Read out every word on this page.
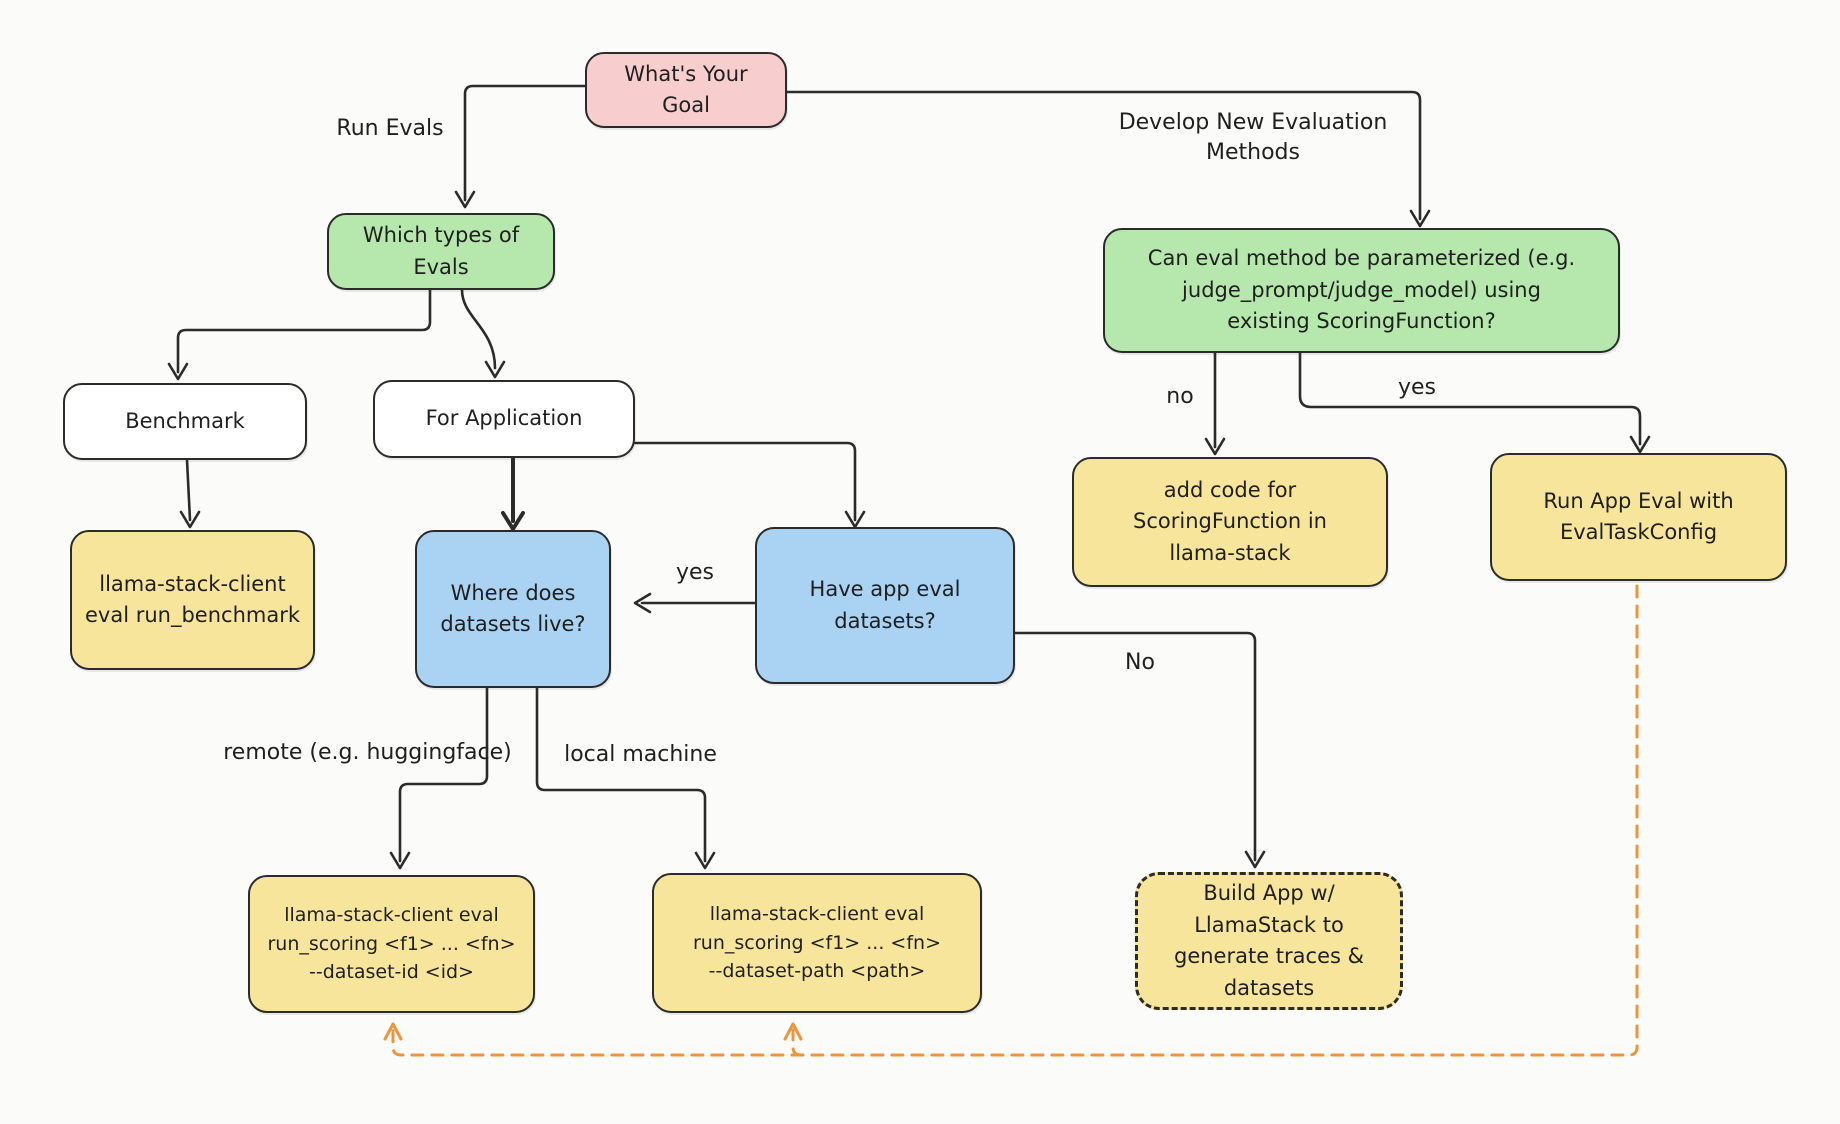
What's Your
Goal
Which types of
Evals
Benchmark	For Application
llama-stack-client
eval run_benchmark
Where does
datasets live?
Have app eval
datasets?
Can eval method be parameterized (e.g.
judge_prompt/judge_model) using
existing ScoringFunction?
add code for
ScoringFunction in
llama-stack
Run App Eval with
EvalTaskConfig
llama-stack-client eval
run_scoring <f1> ... <fn>
--dataset-id <id>
llama-stack-client eval
run_scoring <f1> ... <fn>
--dataset-path <path>
Build App w/
LlamaStack to
generate traces &
datasets
Run Evals	Develop New Evaluation
Methods
no	yes
yes
No
remote (e.g. huggingface)	local machine
